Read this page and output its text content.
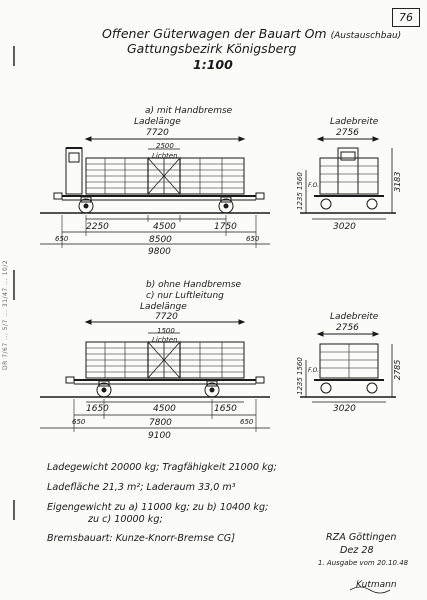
76
Offener Güterwagen der Bauart Om (Austauschbau)
Gattungsbezirk Königsberg
1:100
a) mit Handbremse
Ladelänge
7720
Ladebreite
2756
2500
Lichten
2250	4500	1750
650	8500	650
9800
3020
b) ohne Handbremse
c) nur Luftleitung
Ladelänge
7720	Ladebreite
2756
1500
Lichten
1650	4500	1650
650	7800	650
9100
3020
1560
1235
3183
F.O.
1560
1235
2785
F.O.
Ladegewicht 20000 kg; Tragfähigkeit 21000 kg;
Ladefläche 21,3 m²; Laderaum 33,0 m³
Eigengewicht zu a) 11000 kg; zu b) 10400 kg;
zu c) 10000 kg;
Bremsbauart: Kunze-Knorr-Bremse CG]	RZA Göttingen
Dez 28
1. Ausgabe vom 20.10.48
Kutmann
DR 7/67 ... 5/7 ... 31/47 ... 10/2
